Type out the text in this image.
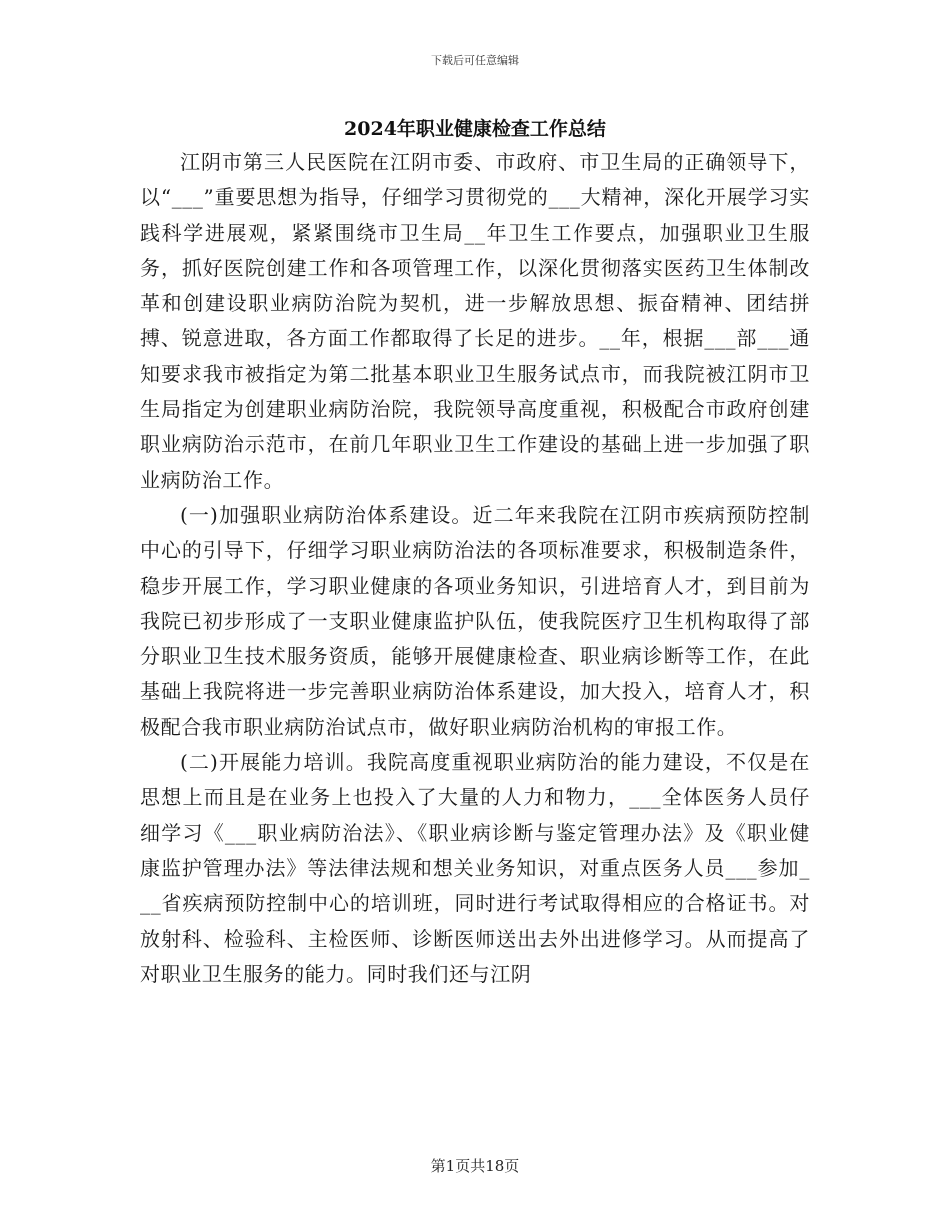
下载后可任意编辑
2024年职业健康检查工作总结

江阴市第三人民医院在江阴市委、市政府、市卫生局的正确领导下，以“___”重要思想为指导，仔细学习贯彻党的___大精神，深化开展学习实践科学进展观，紧紧围绕市卫生局__年卫生工作要点，加强职业卫生服务，抓好医院创建工作和各项管理工作，以深化贯彻落实医药卫生体制改革和创建设职业病防治院为契机，进一步解放思想、振奋精神、团结拼搏、锐意进取，各方面工作都取得了长足的进步。__年，根据___部___通知要求我市被指定为第二批基本职业卫生服务试点市，而我院被江阴市卫生局指定为创建职业病防治院，我院领导高度重视，积极配合市政府创建职业病防治示范市，在前几年职业卫生工作建设的基础上进一步加强了职业病防治工作。

(一)加强职业病防治体系建设。近二年来我院在江阴市疾病预防控制中心的引导下，仔细学习职业病防治法的各项标准要求，积极制造条件，稳步开展工作，学习职业健康的各项业务知识，引进培育人才，到目前为我院已初步形成了一支职业健康监护队伍，使我院医疗卫生机构取得了部分职业卫生技术服务资质，能够开展健康检查、职业病诊断等工作，在此基础上我院将进一步完善职业病防治体系建设，加大投入，培育人才，积极配合我市职业病防治试点市，做好职业病防治机构的审报工作。

(二)开展能力培训。我院高度重视职业病防治的能力建设，不仅是在思想上而且是在业务上也投入了大量的人力和物力，___全体医务人员仔细学习《___职业病防治法》、《职业病诊断与鉴定管理办法》及《职业健康监护管理办法》等法律法规和想关业务知识，对重点医务人员___参加___省疾病预防控制中心的培训班，同时进行考试取得相应的合格证书。对放射科、检验科、主检医师、诊断医师送出去外出进修学习。从而提高了对职业卫生服务的能力。同时我们还与江阴

第1页共18页
